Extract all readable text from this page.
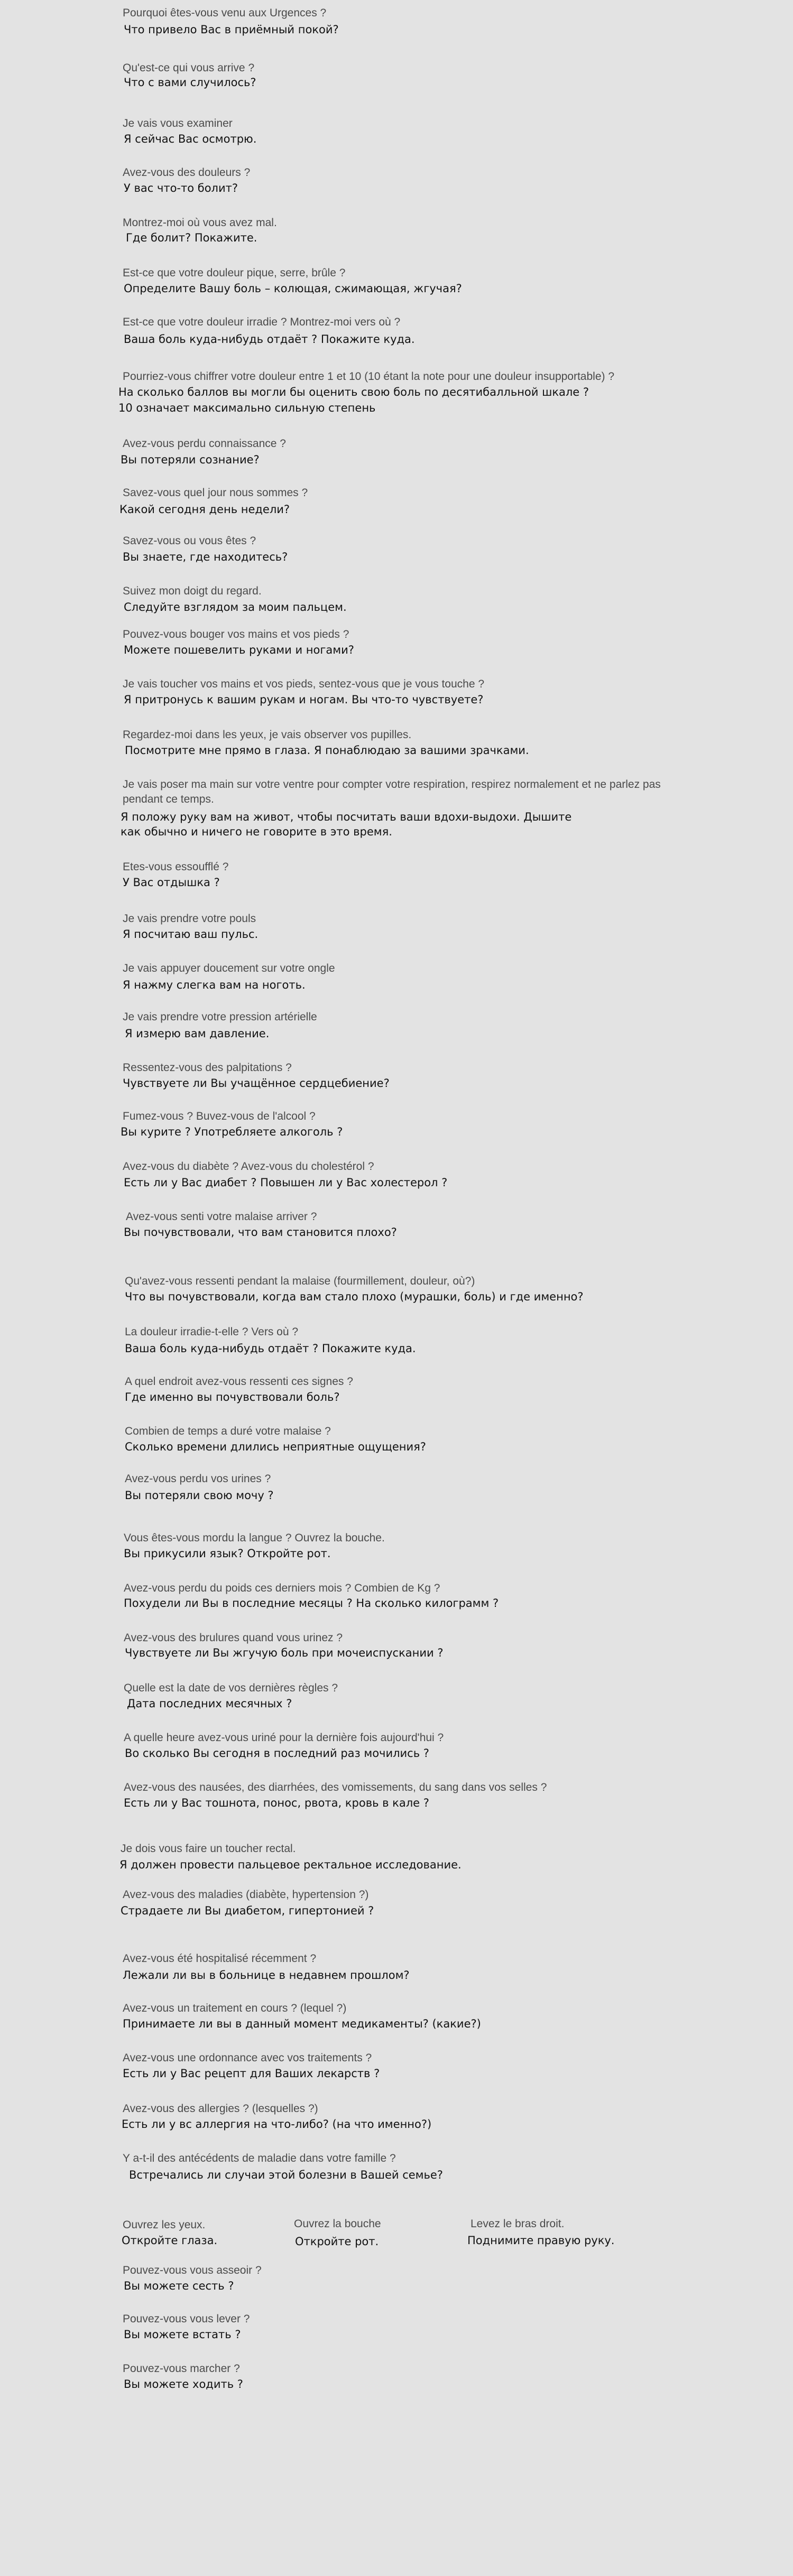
Pourquoi êtes-vous venu aux Urgences ?

Что привело Вас в приёмный покой?

Qu'est-ce qui vous arrive ?

Что с вами случилось?

Je vais vous examiner

Я сейчас Вас осмотрю.

Avez-vous des douleurs ?

У вас что-то болит?

Montrez-moi où vous avez mal.

Где болит? Покажите.

Est-ce que votre douleur pique, serre, brûle ?

Определите Вашу боль – колющая, сжимающая, жгучая?

Est-ce que votre douleur irradie ? Montrez-moi vers où ?

Ваша боль куда-нибудь отдаёт ? Покажите куда.

Pourriez-vous chiffrer votre douleur entre 1 et 10 (10 étant la note pour une douleur insupportable) ?

На сколько баллов вы могли бы оценить свою боль по десятибалльной шкале ?

10 означает максимально сильную степень

Avez-vous perdu connaissance ?

Вы потеряли сознание?

Savez-vous quel jour nous sommes ?

Какой сегодня день недели?

Savez-vous ou vous êtes ?

Вы знаете, где находитесь?

Suivez mon doigt du regard.

Следуйте взглядом за моим пальцем.

Pouvez-vous bouger vos mains et vos pieds ?

Можете пошевелить руками и ногами?

Je vais toucher vos mains et vos pieds, sentez-vous que je vous touche ?

Я притронусь к вашим рукам и ногам. Вы что-то чувствуете?

Regardez-moi dans les yeux, je vais observer vos pupilles.

Посмотрите мне прямо в глаза. Я понаблюдаю за вашими зрачками.

Je vais poser ma main sur votre ventre pour compter votre respiration, respirez normalement et ne parlez pas

pendant ce temps.

Я положу руку вам на живот, чтобы посчитать ваши вдохи-выдохи. Дышите

как обычно и ничего не говорите в это время.

Etes-vous essoufflé ?

У Вас отдышка ?

Je vais prendre votre pouls

Я посчитаю ваш пульс.

Je vais appuyer doucement sur votre ongle

Я нажму слегка вам на ноготь.

Je vais prendre votre pression artérielle

Я измерю вам давление.

Ressentez-vous des palpitations ?

Чувствуете ли Вы учащённое сердцебиение?

Fumez-vous ? Buvez-vous de l'alcool ?

Вы курите ? Употребляете алкоголь ?

Avez-vous du diabète ? Avez-vous du cholestérol ?

Есть ли у Вас диабет ? Повышен ли у Вас холестерол ?

Avez-vous senti votre malaise arriver ?

Вы почувствовали, что вам становится плохо?

Qu'avez-vous ressenti pendant la malaise (fourmillement, douleur, où?)

Что вы почувствовали, когда вам стало плохо (мурашки, боль) и где именно?

La douleur irradie-t-elle ? Vers où ?

Ваша боль куда-нибудь отдаёт ? Покажите куда.

A quel endroit avez-vous ressenti ces signes ?

Где именно вы почувствовали боль?

Combien de temps a duré votre malaise ?

Сколько времени длились неприятные ощущения?

Avez-vous perdu vos urines ?

Вы потеряли свою мочу ?

Vous êtes-vous mordu la langue ? Ouvrez la bouche.

Вы прикусили язык? Откройте рот.

Avez-vous perdu du poids ces derniers mois ? Combien de Kg ?

Похудели ли Вы в последние месяцы ? На сколько килограмм ?

Avez-vous des brulures quand vous urinez ?

Чувствуете ли Вы жгучую боль при мочеиспускании ?

Quelle est la date de vos dernières règles ?

Дата последних месячных ?

A quelle heure avez-vous uriné pour la dernière fois aujourd'hui ?

Во сколько Вы сегодня в последний раз мочились ?

Avez-vous des nausées, des diarrhées, des vomissements, du sang dans vos selles ?

Есть ли у Вас тошнота, понос, рвота, кровь в кале ?

Je dois vous faire un toucher rectal.

Я должен провести пальцевое ректальное исследование.

Avez-vous des maladies (diabète, hypertension ?)

Страдаете ли Вы диабетом, гипертонией ?

Avez-vous été hospitalisé récemment ?

Лежали ли вы в больнице в недавнем прошлом?

Avez-vous un traitement en cours ? (lequel ?)

Принимаете ли вы в данный момент медикаменты? (какие?)

Avez-vous une ordonnance avec vos traitements ?

Есть ли у Вас рецепт для Ваших лекарств ?

Avez-vous des allergies ? (lesquelles ?)

Есть ли у вс аллергия на что-либо? (на что именно?)

Y a-t-il des antécédents de maladie dans votre famille ?

Встречались ли случаи этой болезни в Вашей семье?

Ouvrez les yeux.

Откройте глаза.

Ouvrez la bouche

Откройте рот.

Levez le bras droit.

Поднимите правую руку.

Pouvez-vous vous asseoir ?

Вы можете сесть ?

Pouvez-vous vous lever ?

Вы можете встать ?

Pouvez-vous marcher ?

Вы можете ходить ?
